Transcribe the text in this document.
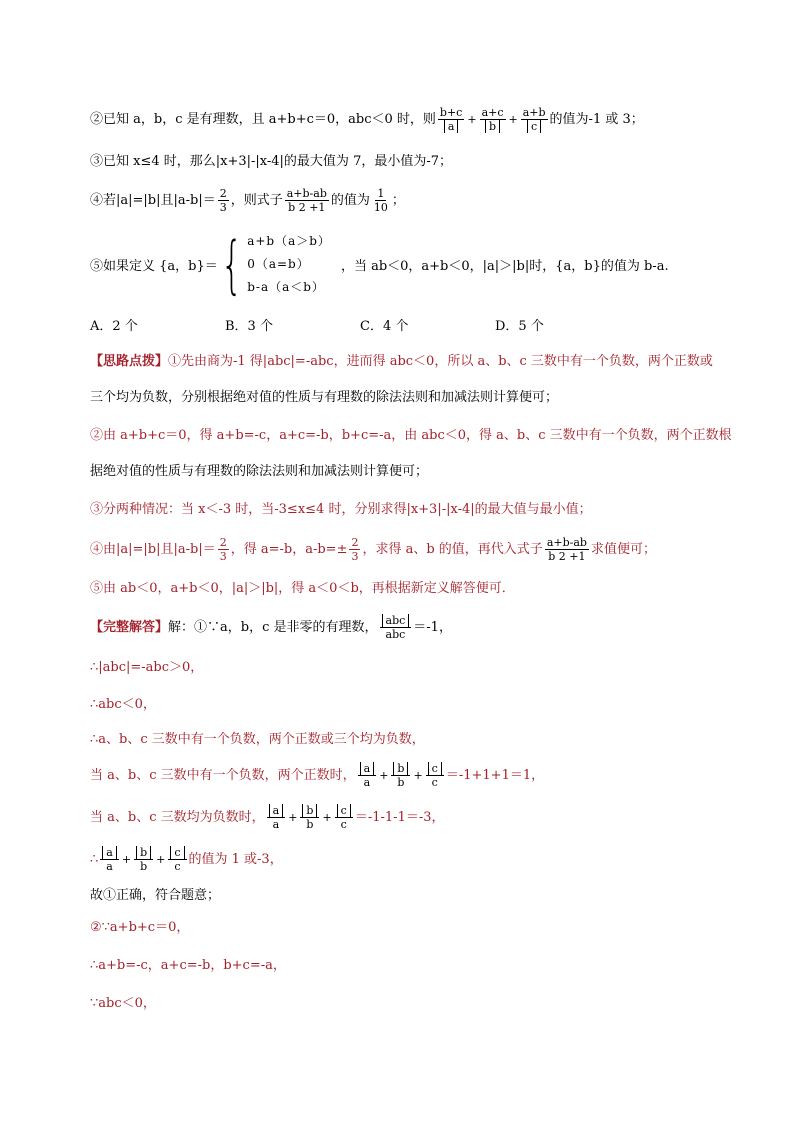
②已知 a，b，c 是有理数，且 a+b+c＝0，abc＜0 时，则 $\frac{b+c}{a} + \frac{a+c}{b} + \frac{a+b}{c}$ 的值为-1 或 3；
③已知 x≤4 时，那么|x+3|-|x-4|的最大值为 7，最小值为-7；
④若|a|=|b|且$|a-b|= \frac{2}{3}$ ，则式子 $\frac{a+b-ab}{b 2 +1}$ 的值为 $\frac{1}{10}$ ；
⑤如果定义 {a，b}＝ { a+b（a＞b）
0（a=b）
b-a（a＜b）
，当 ab＜0，a+b＜0，|a|＞|b|时，{a，b}的值为 b-a.
A．2 个	B．3 个	C．4 个	D．5 个
【思路点拨】 ①先由商为-1 得|abc|=-abc，进而得 abc＜0，所以 a、b、c 三数中有一个负数，两个正数或
三个均为负数，分别根据绝对值的性质与有理数的除法法则和加减法则计算便可；
②由 a+b+c＝0，得 a+b=-c，a+c=-b，b+c=-a，由 abc＜0，得 a、b、c 三数中有一个负数，两个正数根
据绝对值的性质与有理数的除法法则和加减法则计算便可；
③分两种情况：当 x＜-3 时，当-3≤x≤4 时，分别求得|x+3|-|x-4|的最大值与最小值；
④由|a|=|b|且$|a-b|= \frac{2}{3}$ ，得 a=-b，$a-b=\pm \frac{2}{3}$ ，求得 a、b 的值，再代入式子 $\frac{a+b-ab}{b 2 +1}$ 求值便可；
⑤由 ab＜0，a+b＜0，|a|＞|b|，得 a＜0＜b，再根据新定义解答便可．
【完整解答】 解：①∵a，b，c 是非零的有理数， $\frac{\text{abc}}{\text{abc}} =-1$，
∴|abc|=-abc＞0，
∴abc＜0，
∴a、b、c 三数中有一个负数，两个正数或三个均为负数，
当 a、b、c 三数中有一个负数，两个正数时， $\frac{a}{a} + \frac{b}{b} + \frac{c}{c} =-1+1+1=1$，
当 a、b、c 三数均为负数时， $\frac{a}{a} + \frac{b}{b} + \frac{c}{c} =-1-1-1=-3$，
∴ $\frac{a}{a} + \frac{b}{b} + \frac{c}{c}$ 的值为 1 或-3，
故①正确，符合题意；
②∵a+b+c＝0，
∴a+b=-c，a+c=-b，b+c=-a，
∵abc＜0，
